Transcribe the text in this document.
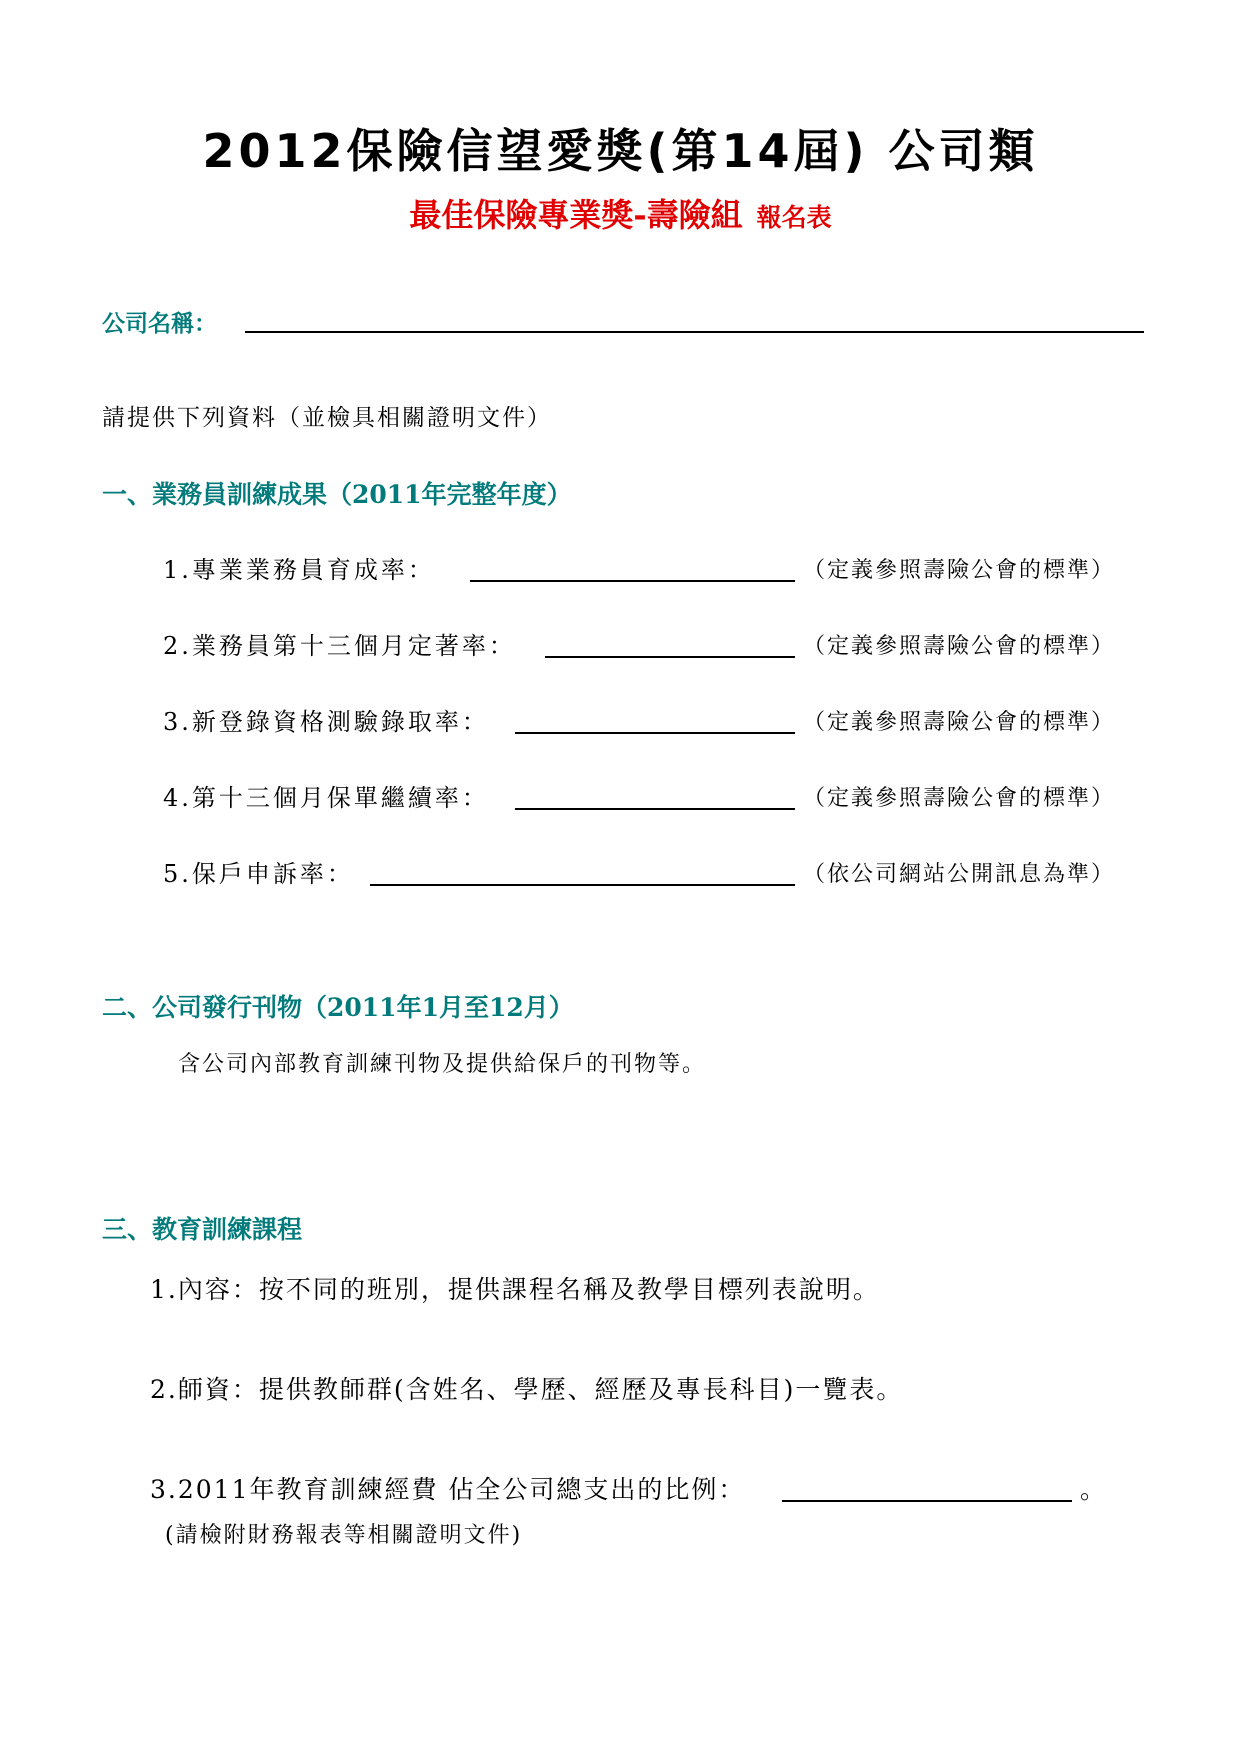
2012保險信望愛獎(第14屆) 公司類
最佳保險專業獎-壽險組 報名表
公司名稱：
請提供下列資料（並檢具相關證明文件）
一、業務員訓練成果（2011年完整年度）
1.專業業務員育成率：	（定義參照壽險公會的標準）
2.業務員第十三個月定著率：	（定義參照壽險公會的標準）
3.新登錄資格測驗錄取率：	（定義參照壽險公會的標準）
4.第十三個月保單繼續率：	（定義參照壽險公會的標準）
5.保戶申訴率：	（依公司網站公開訊息為準）
二、公司發行刊物（2011年1月至12月）
含公司內部教育訓練刊物及提供給保戶的刊物等。
三、教育訓練課程
1.內容：按不同的班別，提供課程名稱及教學目標列表說明。
2.師資：提供教師群(含姓名、學歷、經歷及專長科目)一覽表。
3.2011年教育訓練經費 佔全公司總支出的比例：	。
(請檢附財務報表等相關證明文件)
